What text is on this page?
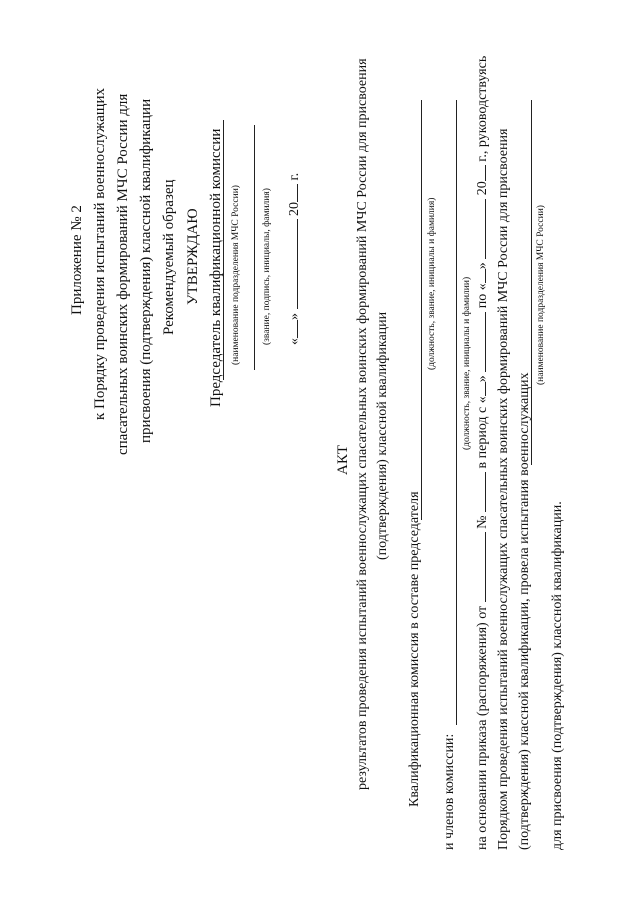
Приложение № 2 к Порядку проведения испытаний военнослужащих спасательных воинских формирований МЧС России для присвоения (подтверждения) классной квалификации Рекомендуемый образец УТВЕРЖДАЮ Председатель квалификационной комиссии (наименование подразделения МЧС России) (звание, подпись, инициалы, фамилия) «»  20 г.
АКТ результатов проведения испытаний военнослужащих спасательных воинских формирований МЧС России для присвоения (подтверждения) классной квалификации
Квалификационная комиссия в составе председателя
(должность, звание, инициалы и фамилия)
и членов комиссии:
(должность, звание, инициалы и фамилии)
на основании приказа (распоряжения) от  №  в период с «»  по «»  20 г., руководствуясь
Порядком проведения испытаний военнослужащих спасательных воинских формирований МЧС России для присвоения (подтверждения) классной квалификации, провела испытания военнослужащих
(наименование подразделения МЧС России)
для присвоения (подтверждения) классной квалификации.
